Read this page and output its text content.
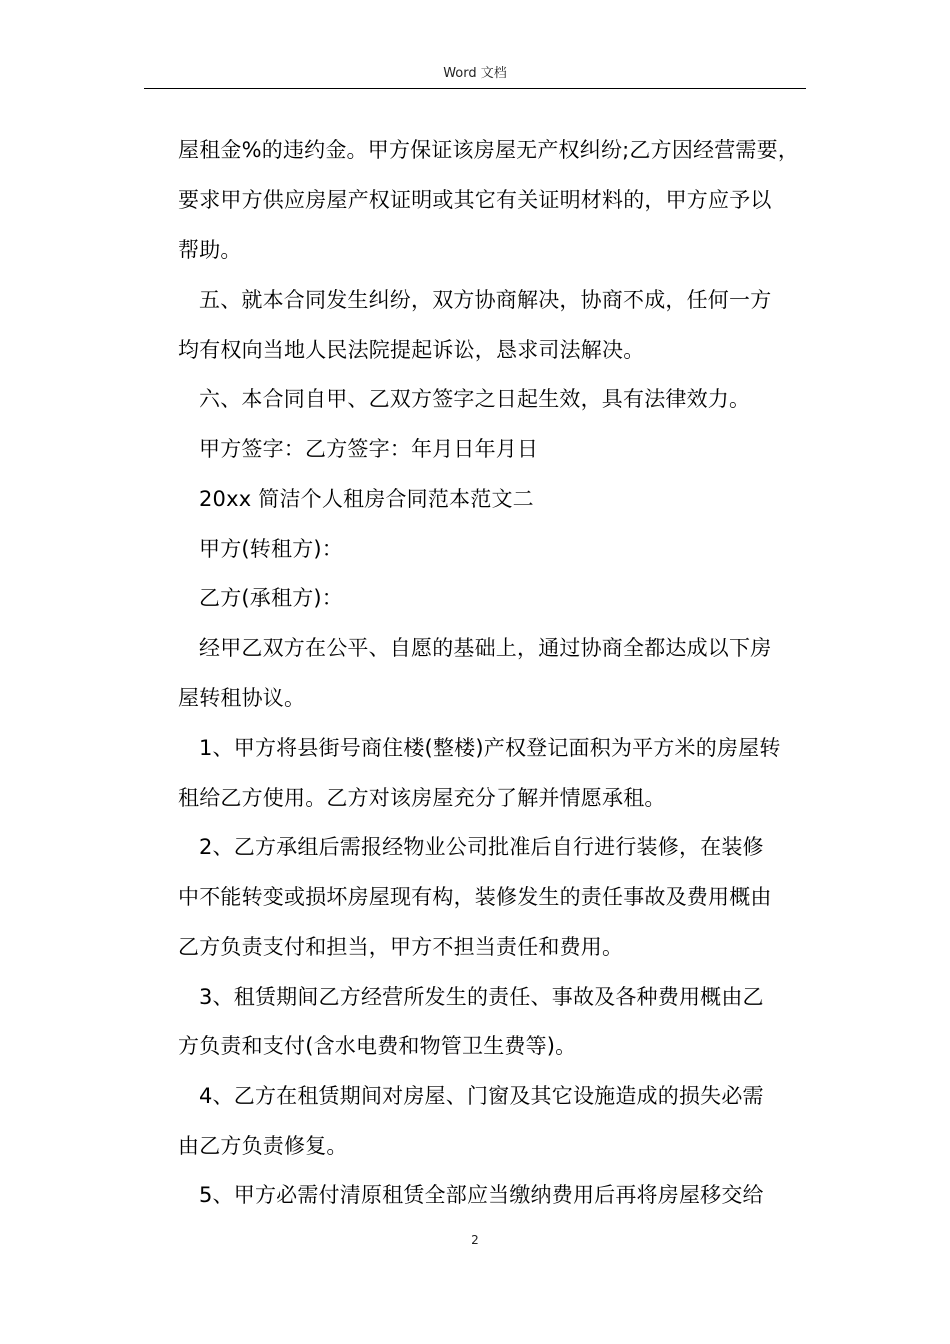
Word 文档
屋租金%的违约金。甲方保证该房屋无产权纠纷;乙方因经营需要，
要求甲方供应房屋产权证明或其它有关证明材料的，甲方应予以
帮助。
五、就本合同发生纠纷，双方协商解决，协商不成，任何一方
均有权向当地人民法院提起诉讼，恳求司法解决。
六、本合同自甲、乙双方签字之日起生效，具有法律效力。
甲方签字：乙方签字：年月日年月日
20xx 简洁个人租房合同范本范文二
甲方(转租方)：
乙方(承租方)：
经甲乙双方在公平、自愿的基础上，通过协商全都达成以下房
屋转租协议。
1、甲方将县街号商住楼(整楼)产权登记面积为平方米的房屋转
租给乙方使用。乙方对该房屋充分了解并情愿承租。
2、乙方承组后需报经物业公司批准后自行进行装修，在装修
中不能转变或损坏房屋现有构，装修发生的责任事故及费用概由
乙方负责支付和担当，甲方不担当责任和费用。
3、租赁期间乙方经营所发生的责任、事故及各种费用概由乙
方负责和支付(含水电费和物管卫生费等)。
4、乙方在租赁期间对房屋、门窗及其它设施造成的损失必需
由乙方负责修复。
5、甲方必需付清原租赁全部应当缴纳费用后再将房屋移交给
2
